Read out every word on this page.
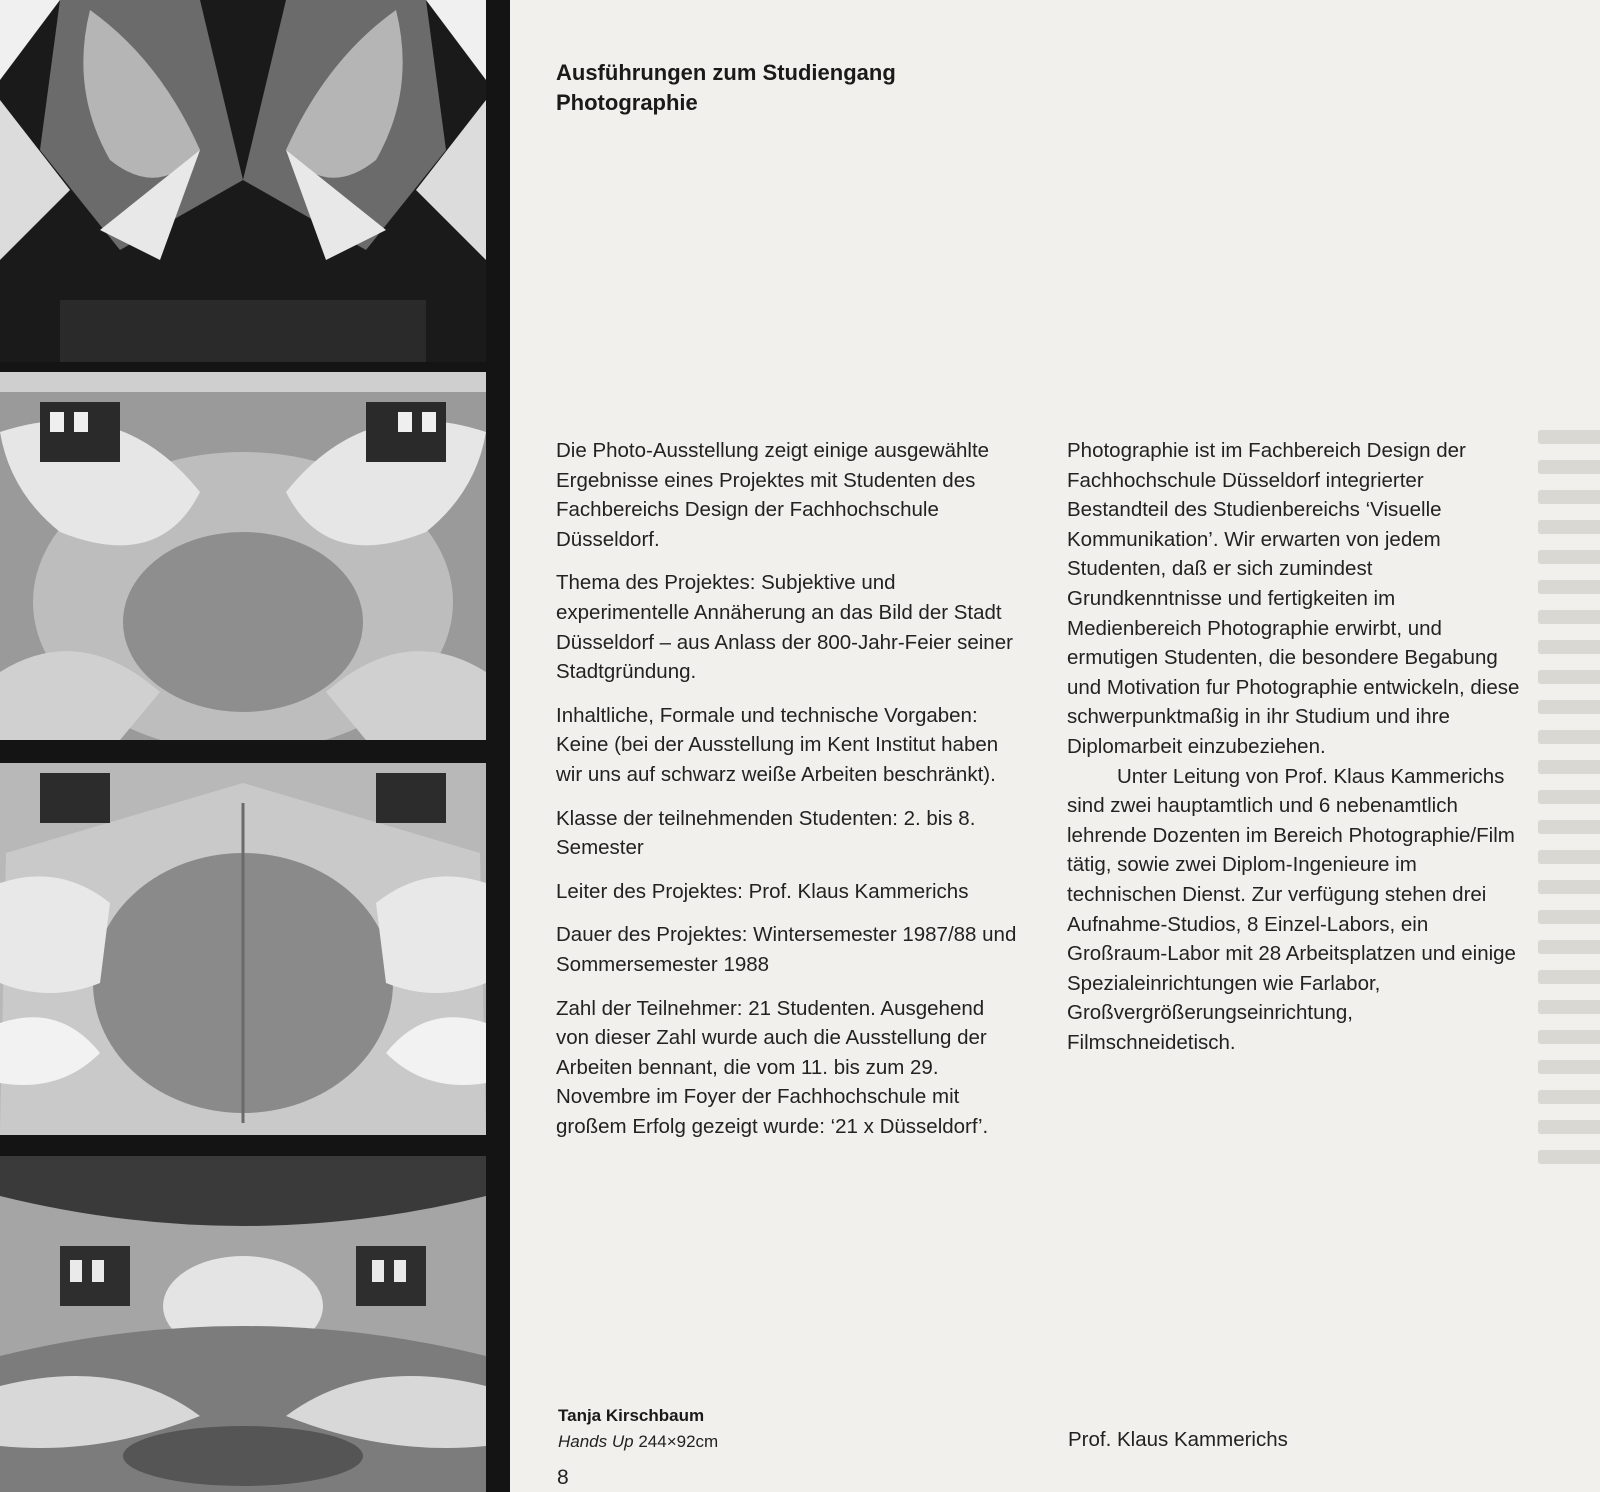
Ausführungen zum Studiengang
Photographie

Die Photo-Ausstellung zeigt einige ausgewählte Ergebnisse eines Projektes mit Studenten des Fachbereichs Design der Fachhochschule Düsseldorf.

Thema des Projektes: Subjektive und experimentelle Annäherung an das Bild der Stadt Düsseldorf – aus Anlass der 800-Jahr-Feier seiner Stadtgründung.

Inhaltliche, Formale und technische Vorgaben: Keine (bei der Ausstellung im Kent Institut haben wir uns auf schwarz weiße Arbeiten beschränkt).

Klasse der teilnehmenden Studenten: 2. bis 8. Semester

Leiter des Projektes: Prof. Klaus Kammerichs

Dauer des Projektes: Wintersemester 1987/88 und Sommersemester 1988

Zahl der Teilnehmer: 21 Studenten. Ausgehend von dieser Zahl wurde auch die Ausstellung der Arbeiten bennant, die vom 11. bis zum 29. Novembre im Foyer der Fachhochschule mit großem Erfolg gezeigt wurde: ‘21 x Düsseldorf’.

Photographie ist im Fachbereich Design der Fachhochschule Düsseldorf integrierter Bestandteil des Studienbereichs ‘Visuelle Kommunikation’. Wir erwarten von jedem Studenten, daß er sich zumindest Grundkenntnisse und fertigkeiten im Medienbereich Photographie erwirbt, und ermutigen Studenten, die besondere Begabung und Motivation fur Photographie entwickeln, diese schwerpunktmaßig in ihr Studium und ihre Diplomarbeit einzubeziehen.

Unter Leitung von Prof. Klaus Kammerichs sind zwei hauptamtlich und 6 nebenamtlich lehrende Dozenten im Bereich Photographie/Film tätig, sowie zwei Diplom-Ingenieure im technischen Dienst. Zur verfügung stehen drei Aufnahme-Studios, 8 Einzel-Labors, ein Großraum-Labor mit 28 Arbeitsplatzen und einige Spezialeinrichtungen wie Farlabor, Großvergrößerungseinrichtung, Filmschneidetisch.

Tanja Kirschbaum
Hands Up 244×92cm	Prof. Klaus Kammerichs
8
